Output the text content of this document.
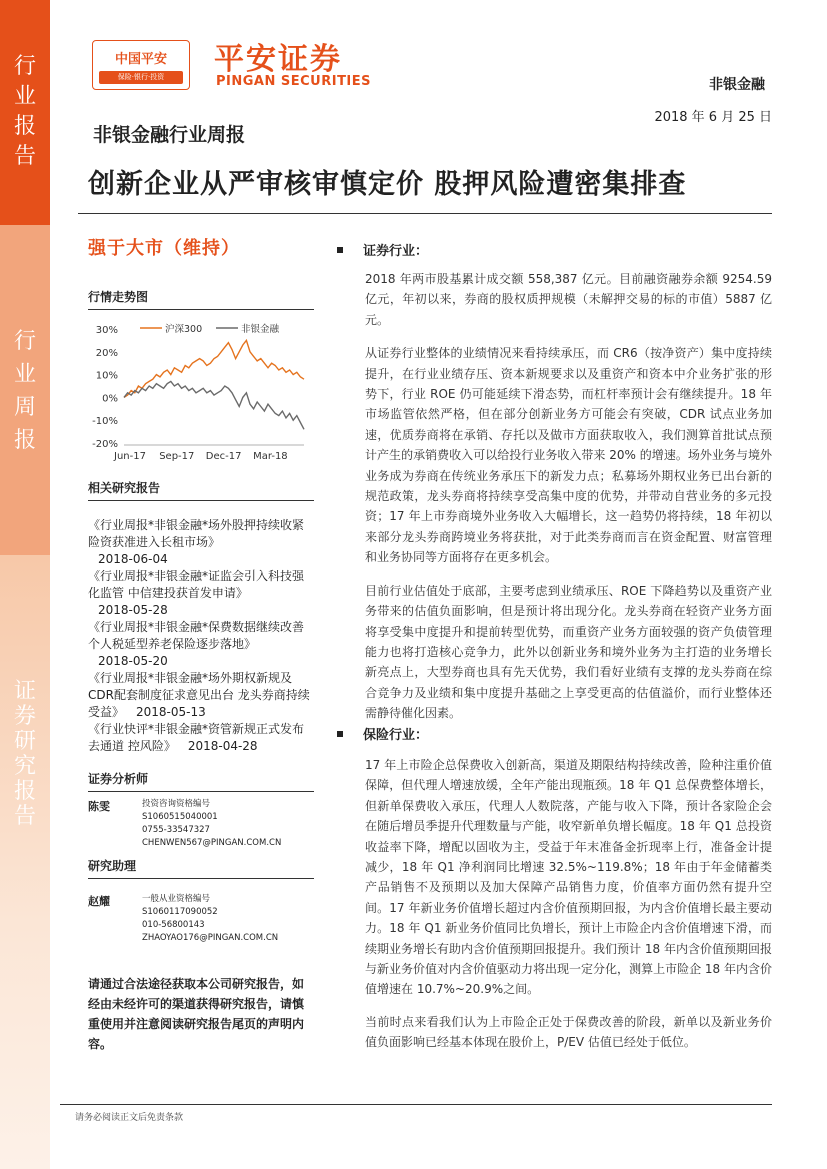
行
业
报
告
行
业
周
报
证
券
研
究
报
告
中国平安
保险·银行·投资	平安证券
PINGAN SECURITIES	非银金融
2018 年 6 月 25 日
非银金融行业周报
创新企业从严审核审慎定价 股押风险遭密集排查
强于大市（维持）
行情走势图
30%
20%
10%
0%
-10%
-20%
Jun-17 Sep-17 Dec-17 Mar-18
沪深300	非银金融
相关研究报告
《行业周报*非银金融*场外股押持续收紧 险资获准进入长租市场》
2018-06-04
《行业周报*非银金融*证监会引入科技强化监管 中信建投获首发申请》
2018-05-28
《行业周报*非银金融*保费数据继续改善 个人税延型养老保险逐步落地》
2018-05-20
《行业周报*非银金融*场外期权新规及CDR配套制度征求意见出台 龙头券商持续受益》 2018-05-13
《行业快评*非银金融*资管新规正式发布 去通道 控风险》 2018-04-28
证券分析师
陈雯	投资咨询资格编号
S1060515040001
0755-33547327
CHENWEN567@PINGAN.COM.CN
研究助理
赵耀	一般从业资格编号
S1060117090052
010-56800143
ZHAOYAO176@PINGAN.COM.CN
请通过合法途径获取本公司研究报告，如经由未经许可的渠道获得研究报告，请慎重使用并注意阅读研究报告尾页的声明内容。
证券行业：
2018 年两市股基累计成交额 558,387 亿元。目前融资融券余额 9254.59 亿元，年初以来，券商的股权质押规模（未解押交易的标的市值）5887 亿元。
从证券行业整体的业绩情况来看持续承压，而 CR6（按净资产）集中度持续提升，在行业业绩存压、资本新规要求以及重资产和资本中介业务扩张的形势下，行业 ROE 仍可能延续下滑态势，而杠杆率预计会有继续提升。18 年市场监管依然严格，但在部分创新业务方可能会有突破，CDR 试点业务加速，优质券商将在承销、存托以及做市方面获取收入，我们测算首批试点预计产生的承销费收入可以给投行业务收入带来 20% 的增速。场外业务与境外业务成为券商在传统业务承压下的新发力点；私募场外期权业务已出台新的规范政策，龙头券商将持续享受高集中度的优势，并带动自营业务的多元投资；17 年上市券商境外业务收入大幅增长，这一趋势仍将持续，18 年初以来部分龙头券商跨境业务将获批，对于此类券商而言在资金配置、财富管理和业务协同等方面将存在更多机会。
目前行业估值处于底部，主要考虑到业绩承压、ROE 下降趋势以及重资产业务带来的估值负面影响，但是预计将出现分化。龙头券商在轻资产业务方面将享受集中度提升和提前转型优势，而重资产业务方面较强的资产负债管理能力也将打造核心竞争力，此外以创新业务和境外业务为主打造的业务增长新亮点上，大型券商也具有先天优势，我们看好业绩有支撑的龙头券商在综合竞争力及业绩和集中度提升基础之上享受更高的估值溢价，而行业整体还需静待催化因素。
保险行业：
17 年上市险企总保费收入创新高，渠道及期限结构持续改善，险种注重价值保障，但代理人增速放缓，全年产能出现瓶颈。18 年 Q1 总保费整体增长，但新单保费收入承压，代理人人数院落，产能与收入下降，预计各家险企会在随后增员季提升代理数量与产能，收窄新单负增长幅度。18 年 Q1 总投资收益率下降，增配以固收为主，受益于年末准备金折现率上行，准备金计提减少，18 年 Q1 净利润同比增速 32.5%~119.8%；18 年由于年金储蓄类产品销售不及预期以及加大保障产品销售力度，价值率方面仍然有提升空间。17 年新业务价值增长超过内含价值预期回报，为内含价值增长最主要动力。18 年 Q1 新业务价值同比负增长，预计上市险企内含价值增速下滑，而续期业务增长有助内含价值预期回报提升。我们预计 18 年内含价值预期回报与新业务价值对内含价值驱动力将出现一定分化，测算上市险企 18 年内含价值增速在 10.7%~20.9%之间。
当前时点来看我们认为上市险企正处于保费改善的阶段，新单以及新业务价值负面影响已经基本体现在股价上，P/EV 估值已经处于低位。
请务必阅读正文后免责条款
